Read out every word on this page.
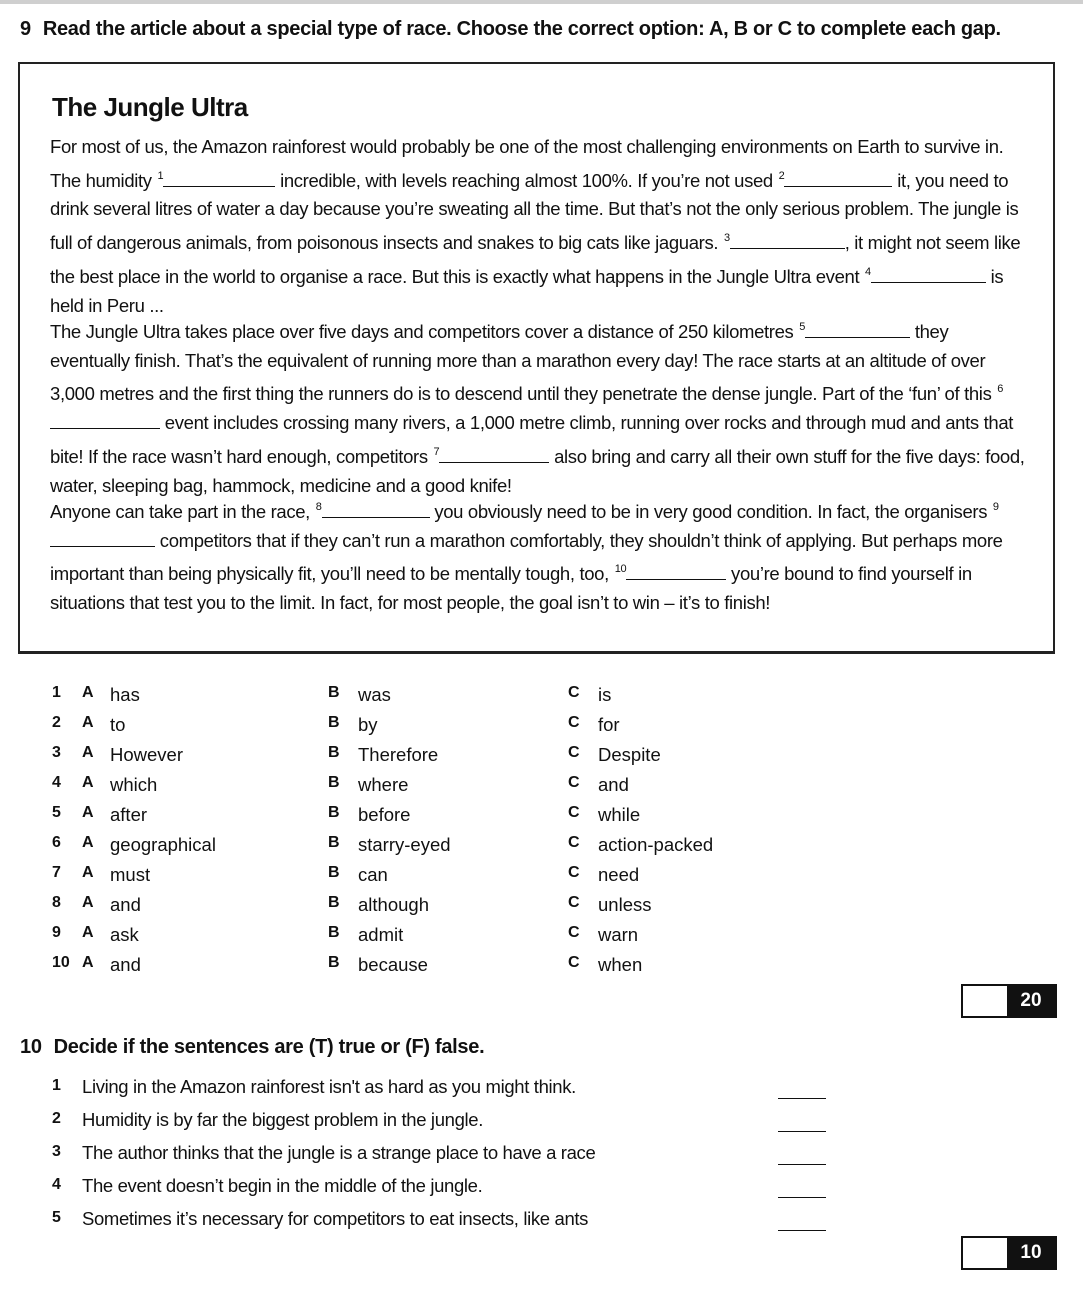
9 Read the article about a special type of race. Choose the correct option: A, B or C to complete each gap.
The Jungle Ultra
For most of us, the Amazon rainforest would probably be one of the most challenging environments on Earth to survive in. The humidity $^1$	incredible, with levels reaching almost 100%. If you’re not used $^2$	it, you need to drink several litres of water a day because you’re sweating all the time. But that’s not the only serious problem. The jungle is full of dangerous animals, from poisonous insects and snakes to big cats like jaguars. $^3$	, it might not seem like the best place in the world to organise a race. But this is exactly what happens in the Jungle Ultra event $^4$	is held in Peru ...
The Jungle Ultra takes place over five days and competitors cover a distance of 250 kilometres $^5$	they eventually finish. That’s the equivalent of running more than a marathon every day! The race starts at an altitude of over 3,000 metres and the first thing the runners do is to descend until they penetrate the dense jungle. Part of the ‘fun’ of this $^6$ event includes crossing many rivers, a 1,000 metre climb, running over rocks and through mud and ants that bite! If the race wasn’t hard enough, competitors $^7$	also bring and carry all their own stuff for the five days: food, water, sleeping bag, hammock, medicine and a good knife!
Anyone can take part in the race, $^8$	you obviously need to be in very good condition. In fact, the organisers $^9$ competitors that if they can’t run a marathon comfortably, they shouldn’t think of applying. But perhaps more important than being physically fit, you’ll need to be mentally tough, too, $^{10}$	you’re bound to find yourself in situations that test you to the limit. In fact, for most people, the goal isn’t to win – it’s to finish!
1 A has	B was	C is
2 A to	B by	C for
3 A However	B Therefore	C Despite
4 A which	B where	C and
5 A after	B before	C while
6 A geographical	B starry-eyed	C action-packed
7 A must	B can	C need
8 A and	B although	C unless
9 A ask	B admit	C warn
10 A and	B because	C when
20
10 Decide if the sentences are (T) true or (F) false.
1 Living in the Amazon rainforest isn't as hard as you might think.
2 Humidity is by far the biggest problem in the jungle.
3 The author thinks that the jungle is a strange place to have a race
4 The event doesn’t begin in the middle of the jungle.
5 Sometimes it’s necessary for competitors to eat insects, like ants
10
